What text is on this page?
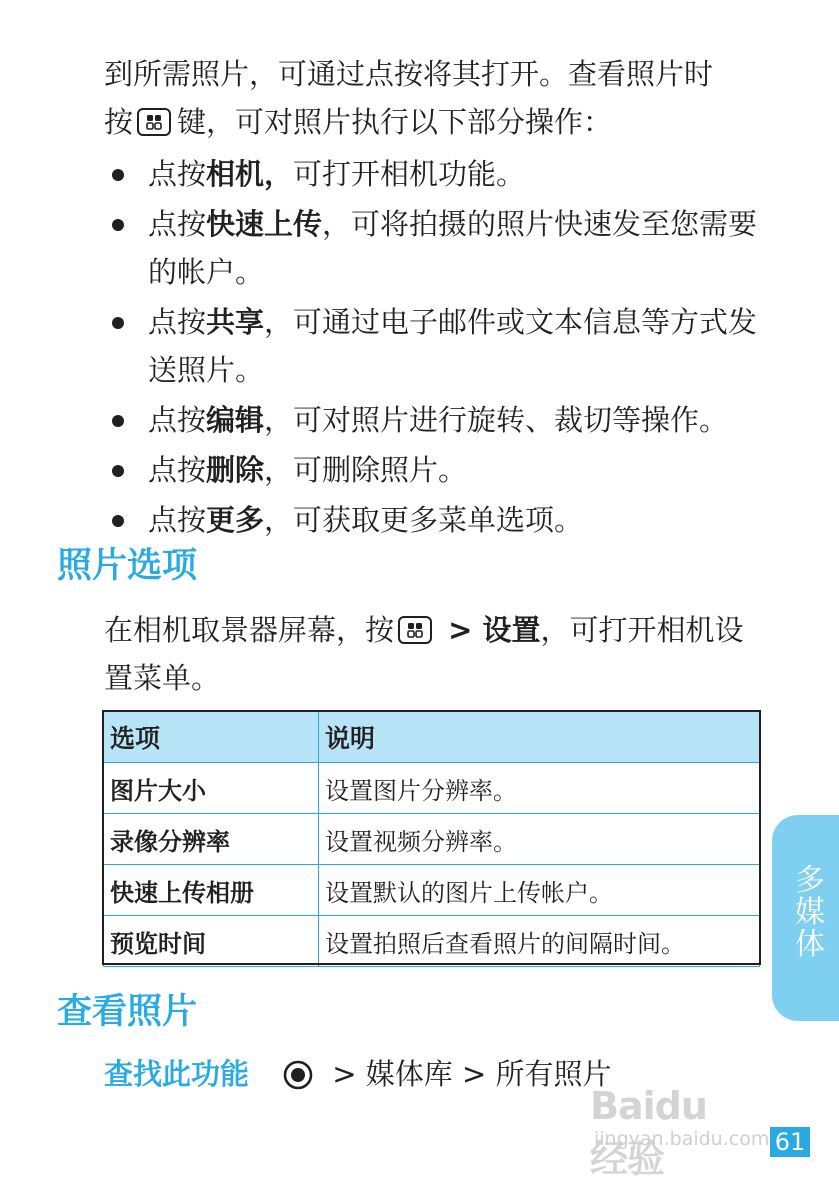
到所需照片，可通过点按将其打开。查看照片时
按 键，可对照片执行以下部分操作：

点按相机，可打开相机功能。
点按快速上传，可将拍摄的照片快速发至您需要的帐户。
点按共享，可通过电子邮件或文本信息等方式发送照片。
点按编辑，可对照片进行旋转、裁切等操作。
点按删除，可删除照片。
点按更多，可获取更多菜单选项。
照片选项

在相机取景器屏幕，按
> 设置，可打开相机设置菜单。

选项	说明
图片大小	设置图片分辨率。
录像分辨率	设置视频分辨率。
快速上传相册	设置默认的图片上传帐户。
预览时间	设置拍照后查看照片的间隔时间。
多媒体
查看照片
查找此功能	> 媒体库 > 所有照片
Baidu经验
jingyan.baidu.com 61
